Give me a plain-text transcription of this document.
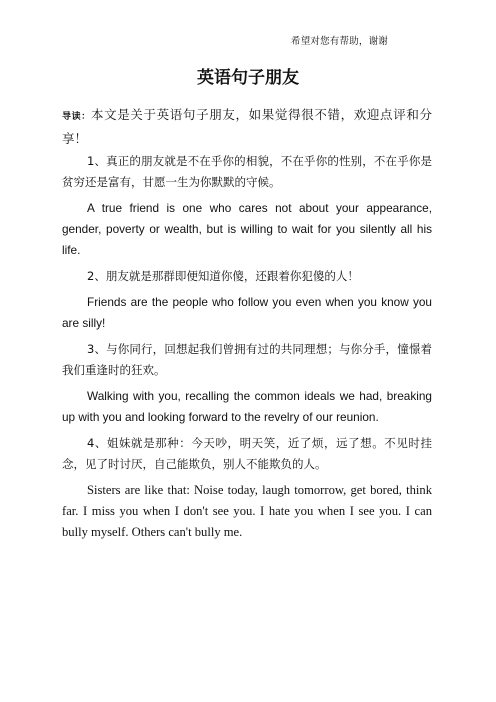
希望对您有帮助，谢谢
英语句子朋友
导读：本文是关于英语句子朋友，如果觉得很不错，欢迎点评和分享！

1、真正的朋友就是不在乎你的相貌，不在乎你的性别，不在乎你是贫穷还是富有，甘愿一生为你默默的守候。

A true friend is one who cares not about your appearance, gender, poverty or wealth, but is willing to wait for you silently all his life.

2、朋友就是那群即便知道你傻，还跟着你犯傻的人！

Friends are the people who follow you even when you know you are silly!

3、与你同行，回想起我们曾拥有过的共同理想；与你分手，憧憬着我们重逢时的狂欢。

Walking with you, recalling the common ideals we had, breaking up with you and looking forward to the revelry of our reunion.

4、姐妹就是那种：今天吵，明天笑，近了烦，远了想。不见时挂念，见了时讨厌，自己能欺负，别人不能欺负的人。

Sisters are like that: Noise today, laugh tomorrow, get bored, think far. I miss you when I don't see you. I hate you when I see you. I can bully myself. Others can't bully me.
